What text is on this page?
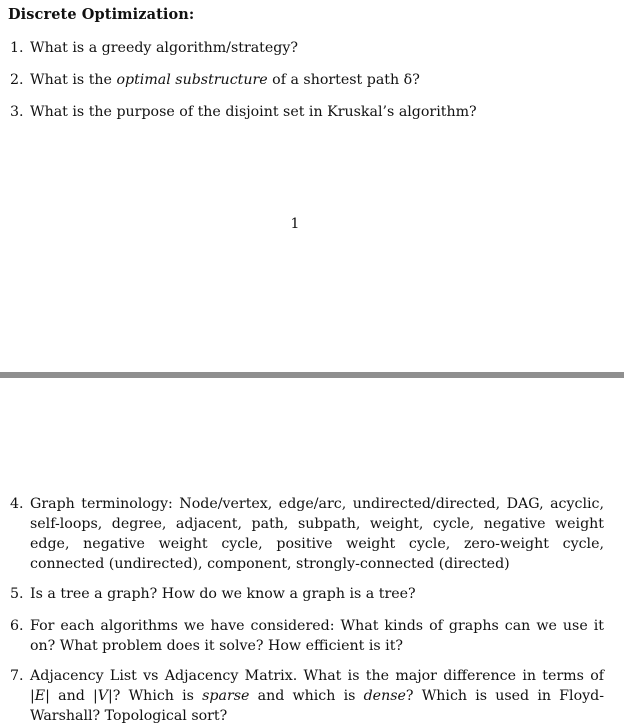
Discrete Optimization:
1. What is a greedy algorithm/strategy?
2. What is the optimal substructure of a shortest path δ?
3. What is the purpose of the disjoint set in Kruskal’s algorithm?
1
4. Graph terminology: Node/vertex, edge/arc, undirected/directed, DAG, acyclic, self-loops, degree, adjacent, path, subpath, weight, cycle, negative weight edge, negative weight cycle, positive weight cycle, zero-weight cycle, connected (undirected), component, strongly-connected (directed)
5. Is a tree a graph? How do we know a graph is a tree?
6. For each algorithms we have considered: What kinds of graphs can we use it on? What problem does it solve? How efficient is it?
7. Adjacency List vs Adjacency Matrix. What is the major difference in terms of |E| and |V|? Which is sparse and which is dense? Which is used in Floyd-Warshall? Topological sort?
